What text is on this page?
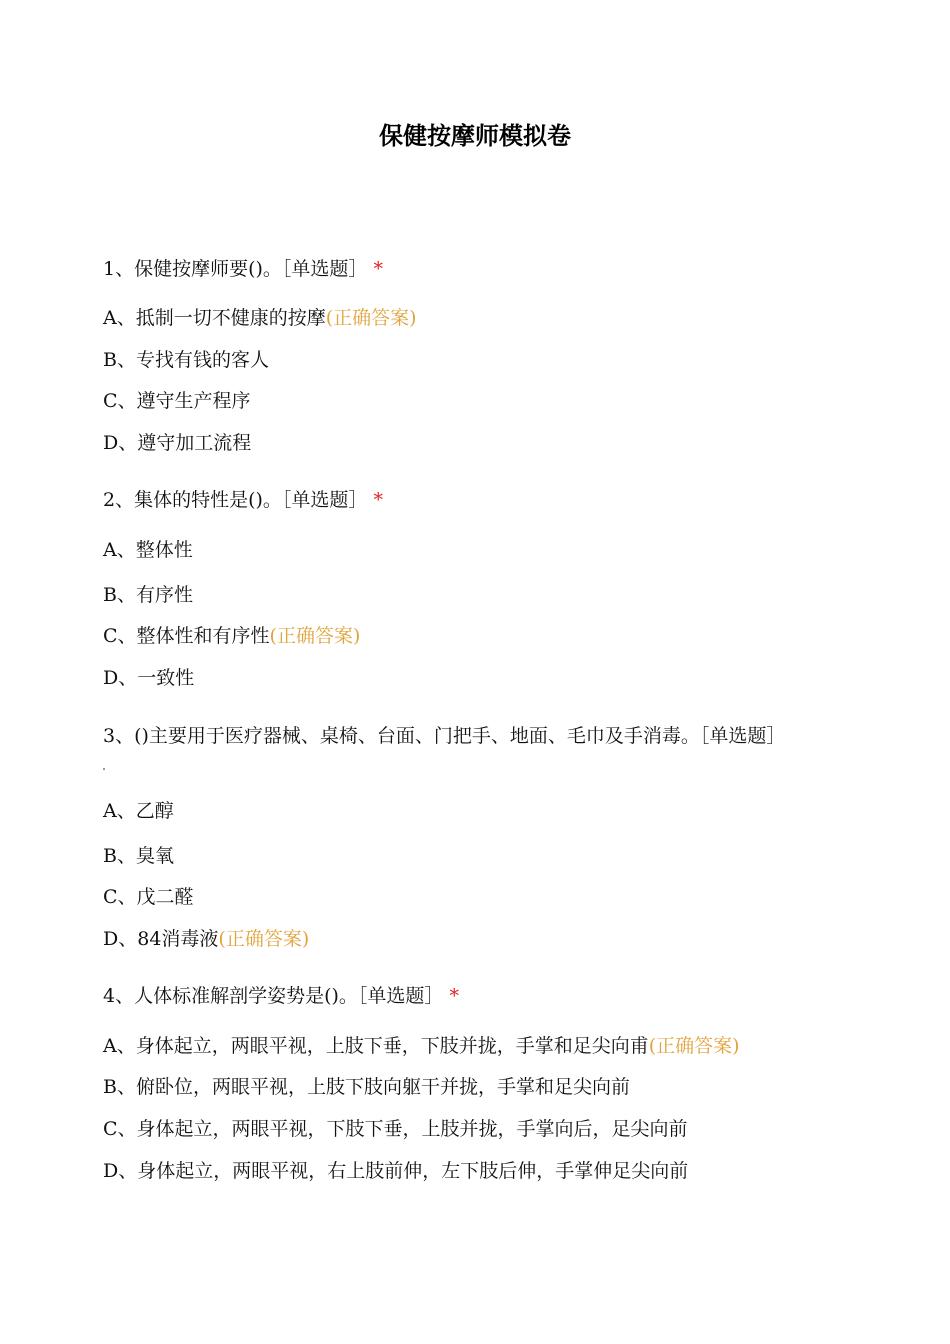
保健按摩师模拟卷
1、保健按摩师要()。［单选题］ *
A、抵制一切不健康的按摩(正确答案)
B、专找有钱的客人
C、遵守生产程序
D、遵守加工流程
2、集体的特性是()。［单选题］ *
A、整体性
B、有序性
C、整体性和有序性(正确答案)
D、一致性
3、()主要用于医疗器械、桌椅、台面、门把手、地面、毛巾及手消毒。［单选题］
A、乙醇
B、臭氧
C、戊二醛
D、84消毒液(正确答案)
4、人体标准解剖学姿势是()。［单选题］ *
A、身体起立，两眼平视，上肢下垂，下肢并拢，手掌和足尖向甫(正确答案)
B、俯卧位，两眼平视，上肢下肢向躯干并拢，手掌和足尖向前
C、身体起立，两眼平视，下肢下垂，上肢并拢，手掌向后，足尖向前
D、身体起立，两眼平视，右上肢前伸，左下肢后伸，手掌伸足尖向前
